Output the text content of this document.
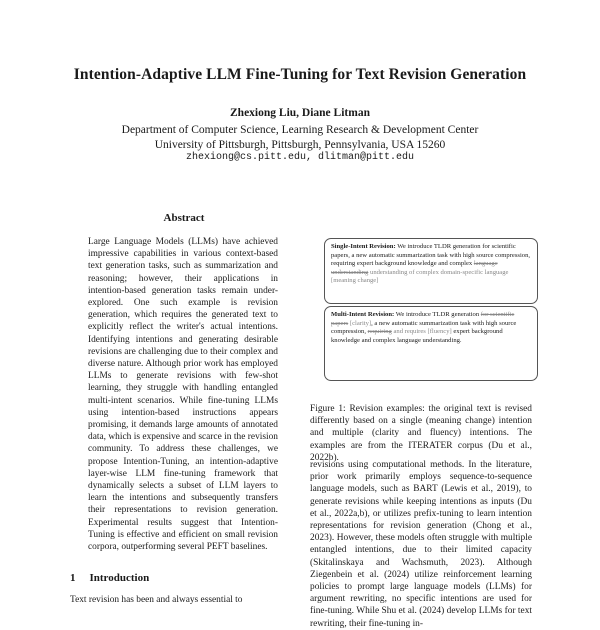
Intention-Adaptive LLM Fine-Tuning for Text Revision Generation
Zhexiong Liu, Diane Litman
Department of Computer Science, Learning Research & Development Center
University of Pittsburgh, Pittsburgh, Pennsylvania, USA 15260
zhexiong@cs.pitt.edu, dlitman@pitt.edu
Abstract
Large Language Models (LLMs) have achieved impressive capabilities in various context-based text generation tasks, such as summarization and reasoning; however, their applications in intention-based generation tasks remain under-explored. One such example is revision generation, which requires the generated text to explicitly reflect the writer's actual intentions. Identifying intentions and generating desirable revisions are challenging due to their complex and diverse nature. Although prior work has employed LLMs to generate revisions with few-shot learning, they struggle with handling entangled multi-intent scenarios. While fine-tuning LLMs using intention-based instructions appears promising, it demands large amounts of annotated data, which is expensive and scarce in the revision community. To address these challenges, we propose Intention-Tuning, an intention-adaptive layer-wise LLM fine-tuning framework that dynamically selects a subset of LLM layers to learn the intentions and subsequently transfers their representations to revision generation. Experimental results suggest that Intention-Tuning is effective and efficient on small revision corpora, outperforming several PEFT baselines.
1 Introduction
Text revision has been and always essential to
Single-Intent Revision: We introduce TLDR generation for scientific papers, a new automatic summarization task with high source compression, requiring expert background knowledge and complex language understanding understanding of complex domain-specific language [meaning change]
Multi-Intent Revision: We introduce TLDR generation for scientific papers [clarity], a new automatic summarization task with high source compression, requiring and requires [fluency] expert background knowledge and complex language understanding.
Figure 1: Revision examples: the original text is revised differently based on a single (meaning change) intention and multiple (clarity and fluency) intentions. The examples are from the ITERATER corpus (Du et al., 2022b).
revisions using computational methods. In the literature, prior work primarily employs sequence-to-sequence language models, such as BART (Lewis et al., 2019), to generate revisions while keeping intentions as inputs (Du et al., 2022a,b), or utilizes prefix-tuning to learn intention representations for revision generation (Chong et al., 2023). However, these models often struggle with multiple entangled intentions, due to their limited capacity (Skitalinskaya and Wachsmuth, 2023). Although Ziegenbein et al. (2024) utilize reinforcement learning policies to prompt large language models (LLMs) for argument rewriting, no specific intentions are used for fine-tuning. While Shu et al. (2024) develop LLMs for text rewriting, their fine-tuning in-
